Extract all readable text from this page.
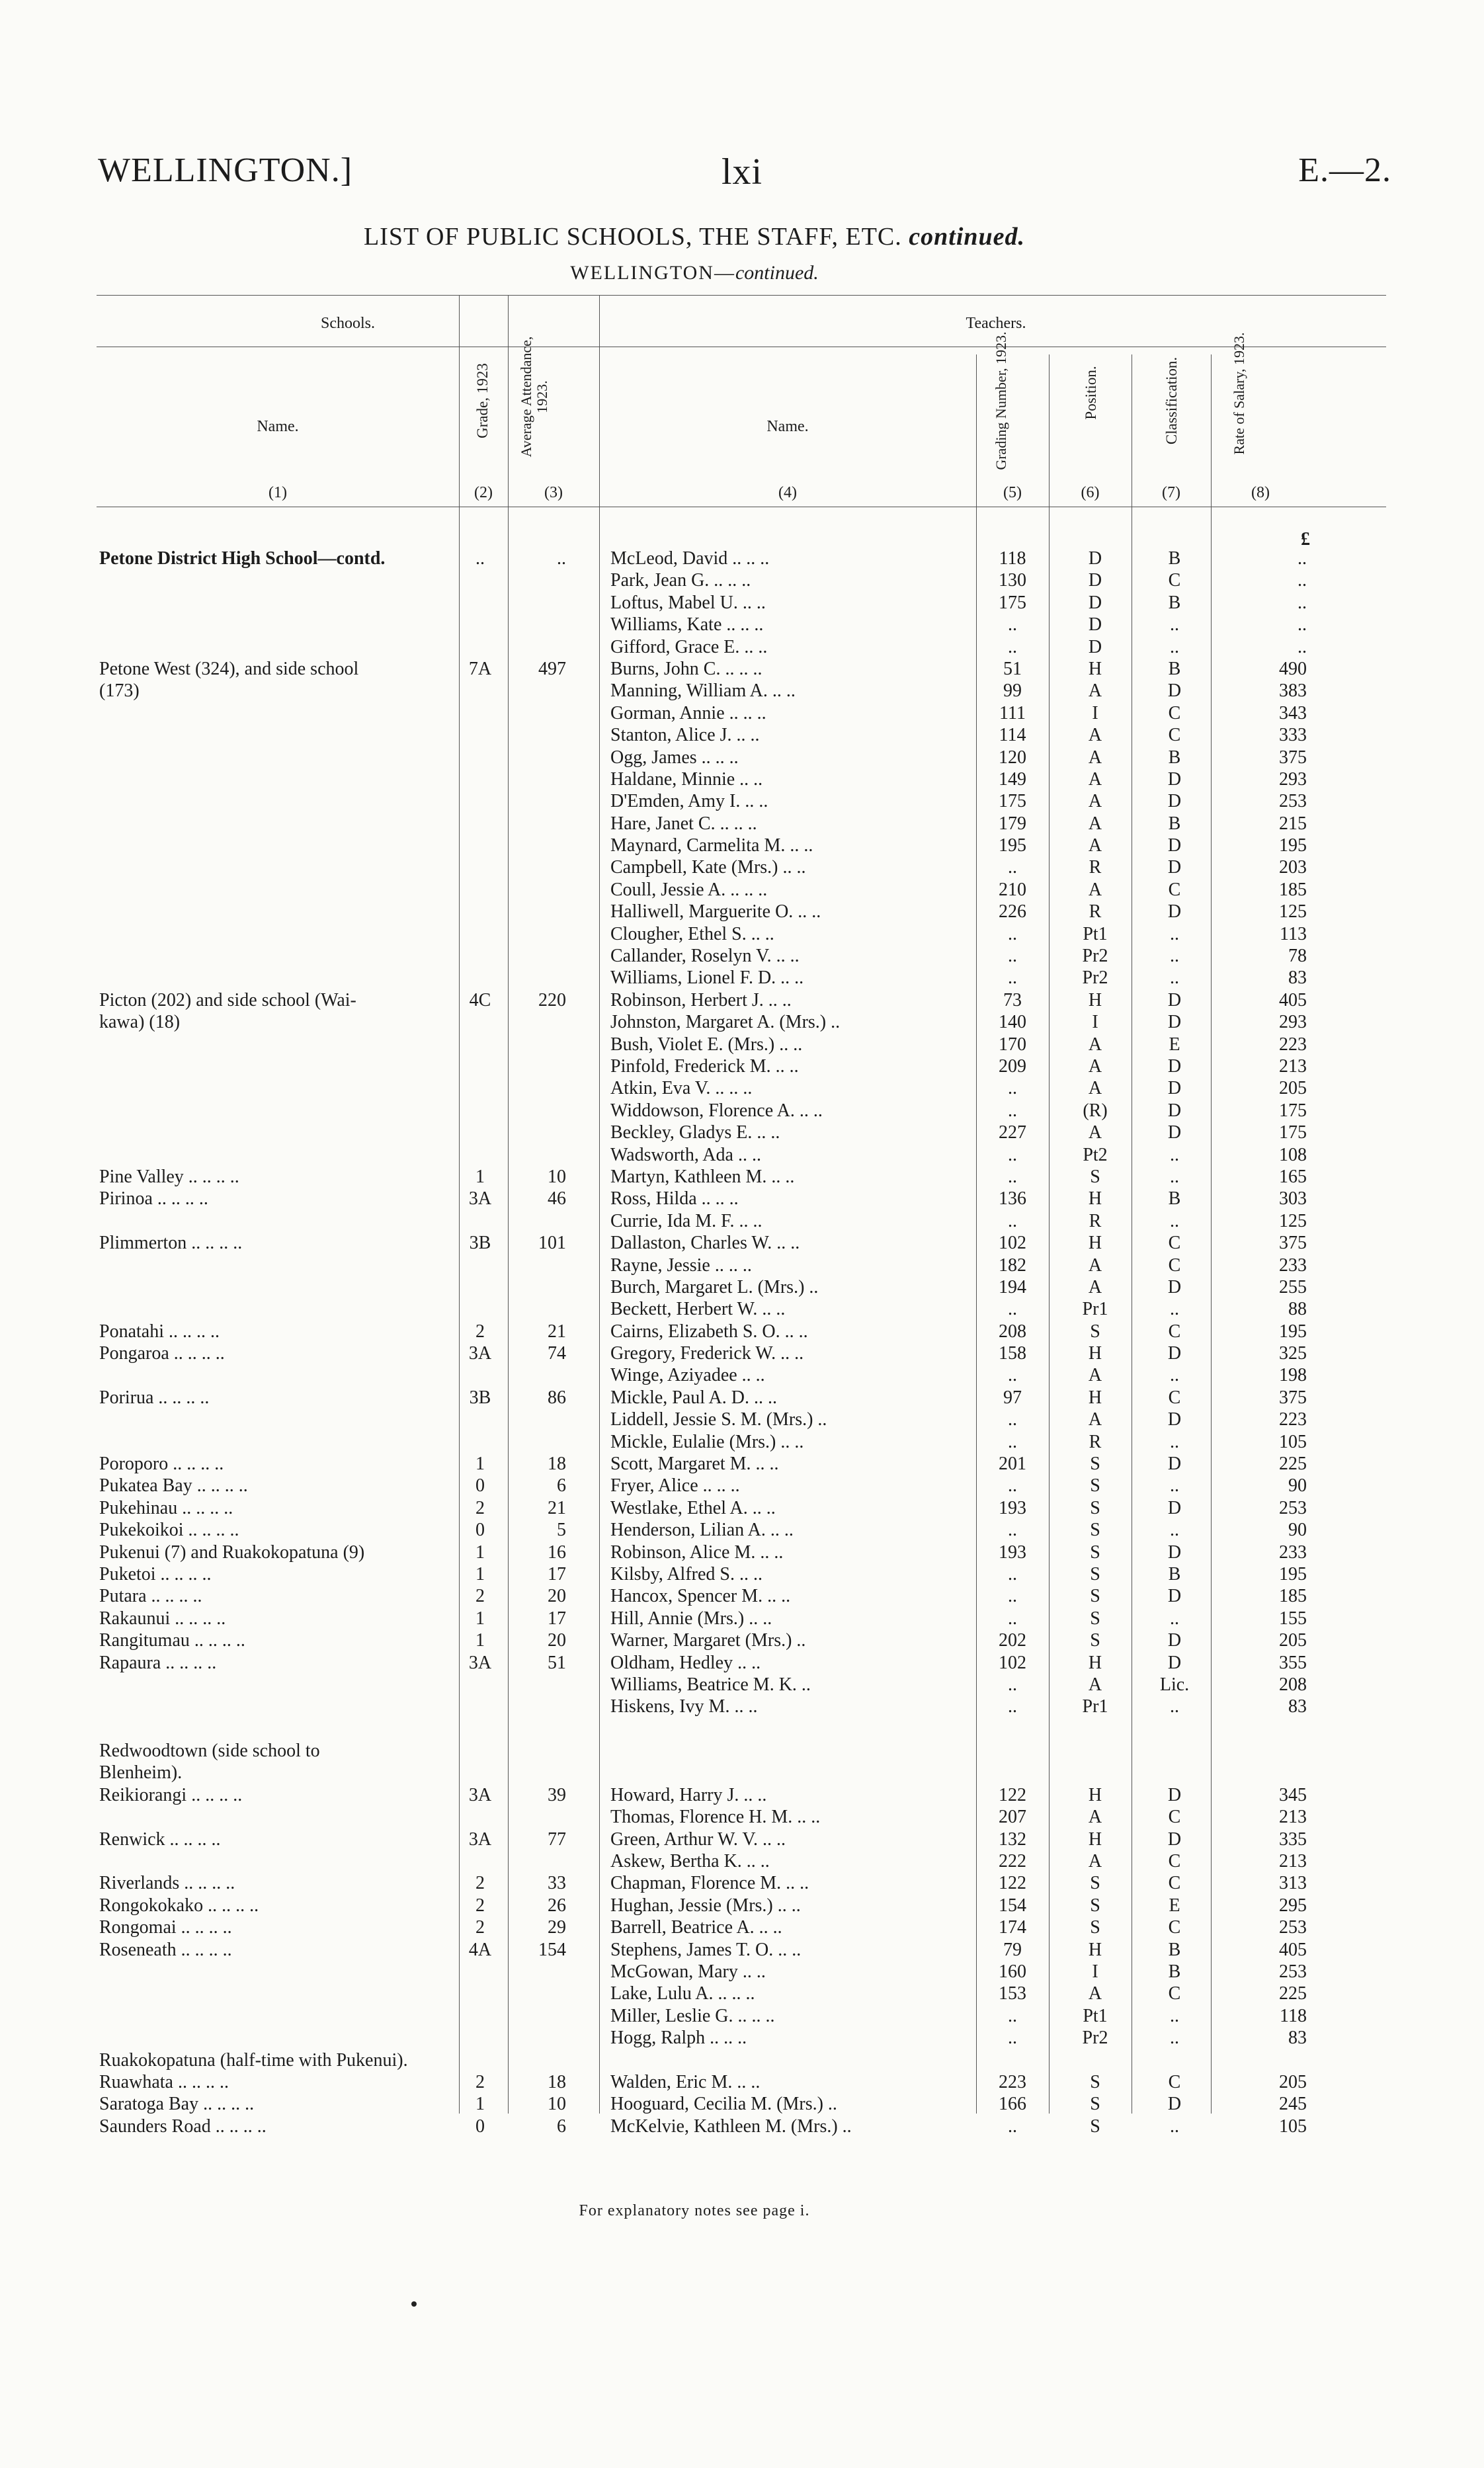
WELLINGTON.]	lxi	E.—2.
LIST OF PUBLIC SCHOOLS, THE STAFF, ETC. continued.
WELLINGTON—continued.
Schools.	Teachers.
Name.	Grade, 1923 Average Attendance, 1923.
Name.	Grading Number, 1923.	Position.	Classification.	Rate of Salary, 1923.
(1)	(2)	(3)	(4)	(5)	(6)	(7)	(8)
£
Petone District High School—contd.	..	.. McLeod, David .. .. ..	118	D	B	..
Park, Jean G. .. .. ..	130	D	C	..
Loftus, Mabel U. .. ..	175	D	B	..
Williams, Kate .. .. ..	..	D	..	..
Gifford, Grace E. .. ..	..	D	..	..
Petone West (324), and side school	7A	497 Burns, John C. .. .. ..	51	H	B	490
(173)	Manning, William A. .. ..	99	A	D	383
Gorman, Annie .. .. ..	111	I	C	343
Stanton, Alice J. .. ..	114	A	C	333
Ogg, James .. .. ..	120	A	B	375
Haldane, Minnie .. ..	149	A	D	293
D'Emden, Amy I. .. ..	175	A	D	253
Hare, Janet C. .. .. ..	179	A	B	215
Maynard, Carmelita M. .. ..	195	A	D	195
Campbell, Kate (Mrs.) .. ..	..	R	D	203
Coull, Jessie A. .. .. ..	210	A	C	185
Halliwell, Marguerite O. .. ..	226	R	D	125
Clougher, Ethel S. .. ..	..	Pt1	..	113
Callander, Roselyn V. .. ..	..	Pr2	..	78
Williams, Lionel F. D. .. ..	..	Pr2	..	83
Picton (202) and side school (Wai-	4C	220 Robinson, Herbert J. .. ..	73	H	D	405
kawa) (18)	Johnston, Margaret A. (Mrs.) ..	140	I	D	293
Bush, Violet E. (Mrs.) .. ..	170	A	E	223
Pinfold, Frederick M. .. ..	209	A	D	213
Atkin, Eva V. .. .. ..	..	A	D	205
Widdowson, Florence A. .. ..	..	(R)	D	175
Beckley, Gladys E. .. ..	227	A	D	175
Wadsworth, Ada .. ..	..	Pt2	..	108
Pine Valley .. .. .. ..	1	10 Martyn, Kathleen M. .. ..	..	S	..	165
Pirinoa .. .. .. ..	3A	46 Ross, Hilda .. .. ..	136	H	B	303
Currie, Ida M. F. .. ..	..	R	..	125
Plimmerton .. .. .. ..	3B	101 Dallaston, Charles W. .. ..	102	H	C	375
Rayne, Jessie .. .. ..	182	A	C	233
Burch, Margaret L. (Mrs.) ..	194	A	D	255
Beckett, Herbert W. .. ..	..	Pr1	..	88
Ponatahi .. .. .. ..	2	21 Cairns, Elizabeth S. O. .. ..	208	S	C	195
Pongaroa .. .. .. ..	3A	74 Gregory, Frederick W. .. ..	158	H	D	325
Winge, Aziyadee .. ..	..	A	..	198
Porirua .. .. .. ..	3B	86 Mickle, Paul A. D. .. ..	97	H	C	375
Liddell, Jessie S. M. (Mrs.) ..	..	A	D	223
Mickle, Eulalie (Mrs.) .. ..	..	R	..	105
Poroporo .. .. .. ..	1	18 Scott, Margaret M. .. ..	201	S	D	225
Pukatea Bay .. .. .. ..	0	6 Fryer, Alice .. .. ..	..	S	..	90
Pukehinau .. .. .. ..	2	21 Westlake, Ethel A. .. ..	193	S	D	253
Pukekoikoi .. .. .. ..	0	5 Henderson, Lilian A. .. ..	..	S	..	90
Pukenui (7) and Ruakokopatuna (9)	1	16 Robinson, Alice M. .. ..	193	S	D	233
Puketoi .. .. .. ..	1	17 Kilsby, Alfred S. .. ..	..	S	B	195
Putara .. .. .. ..	2	20 Hancox, Spencer M. .. ..	..	S	D	185
Rakaunui .. .. .. ..	1	17 Hill, Annie (Mrs.) .. ..	..	S	..	155
Rangitumau .. .. .. ..	1	20 Warner, Margaret (Mrs.) ..	202	S	D	205
Rapaura .. .. .. ..	3A	51 Oldham, Hedley .. ..	102	H	D	355
Williams, Beatrice M. K. ..	..	A	Lic.	208
Hiskens, Ivy M. .. ..	..	Pr1	..	83
Redwoodtown (side school to
Blenheim).
Reikiorangi .. .. .. ..	3A	39 Howard, Harry J. .. ..	122	H	D	345
Thomas, Florence H. M. .. ..	207	A	C	213
Renwick .. .. .. ..	3A	77 Green, Arthur W. V. .. ..	132	H	D	335
Askew, Bertha K. .. ..	222	A	C	213
Riverlands .. .. .. ..	2	33 Chapman, Florence M. .. ..	122	S	C	313
Rongokokako .. .. .. ..	2	26 Hughan, Jessie (Mrs.) .. ..	154	S	E	295
Rongomai .. .. .. ..	2	29 Barrell, Beatrice A. .. ..	174	S	C	253
Roseneath .. .. .. ..	4A	154 Stephens, James T. O. .. ..	79	H	B	405
McGowan, Mary .. ..	160	I	B	253
Lake, Lulu A. .. .. ..	153	A	C	225
Miller, Leslie G. .. .. ..	..	Pt1	..	118
Hogg, Ralph .. .. ..	..	Pr2	..	83
Ruakokopatuna (half-time with Pukenui).
Ruawhata .. .. .. ..	2	18 Walden, Eric M. .. ..	223	S	C	205
Saratoga Bay .. .. .. ..	1	10 Hooguard, Cecilia M. (Mrs.) ..	166	S	D	245
Saunders Road .. .. .. ..	0	6 McKelvie, Kathleen M. (Mrs.) ..	..	S	..	105
For explanatory notes see page i.
